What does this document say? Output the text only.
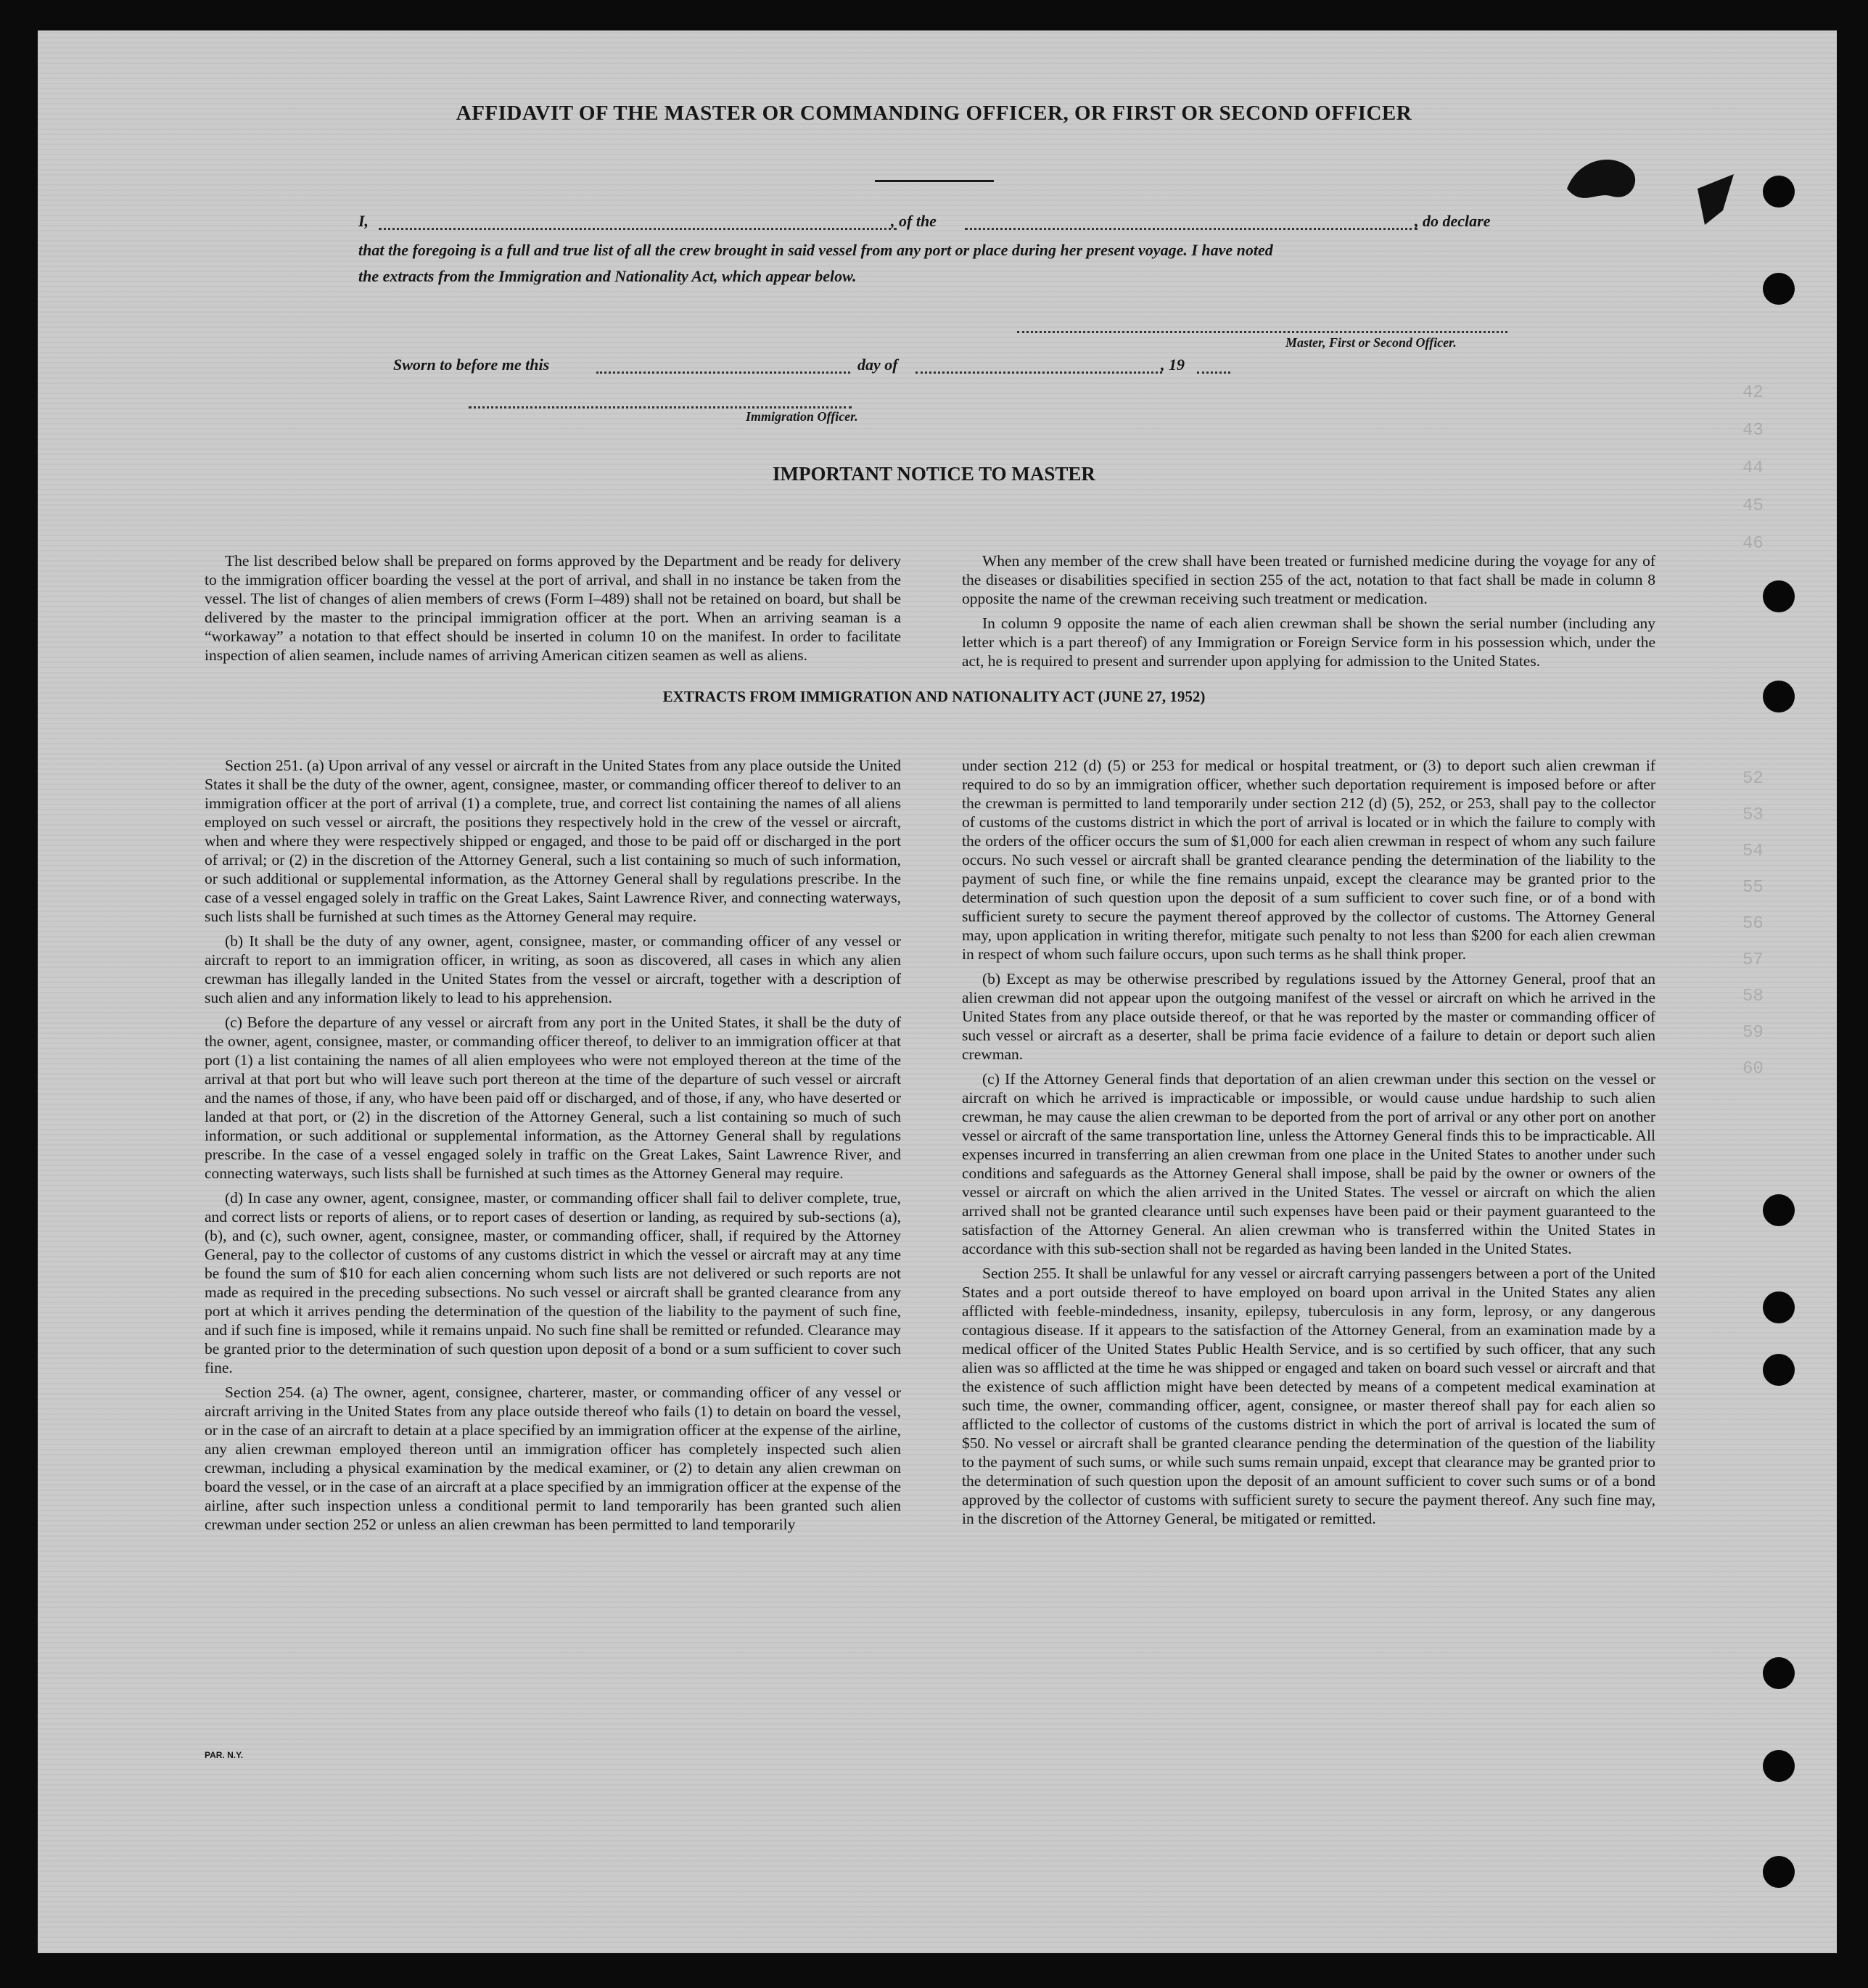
42
43
44
45
46
52
53
54
55
56
57
58
59
60
AFFIDAVIT OF THE MASTER OR COMMANDING OFFICER, OR FIRST OR SECOND OFFICER
I,	, of the	, do declare
that the foregoing is a full and true list of all the crew brought in said vessel from any port or place during her present voyage. I have noted
the extracts from the Immigration and Nationality Act, which appear below.
Master, First or Second Officer.
Sworn to before me this	day of	, 19
Immigration Officer.
IMPORTANT NOTICE TO MASTER

The list described below shall be prepared on forms approved by the Department and be ready for delivery to the immigration officer boarding the vessel at the port of arrival, and shall in no instance be taken from the vessel. The list of changes of alien members of crews (Form I–489) shall not be retained on board, but shall be delivered by the master to the principal immigration officer at the port. When an arriving seaman is a “workaway” a notation to that effect should be inserted in column 10 on the manifest. In order to facilitate inspection of alien seamen, include names of arriving American citizen seamen as well as aliens.

When any member of the crew shall have been treated or furnished medicine during the voyage for any of the diseases or disabilities specified in section 255 of the act, notation to that fact shall be made in column 8 opposite the name of the crewman receiving such treatment or medication.

In column 9 opposite the name of each alien crewman shall be shown the serial number (including any letter which is a part thereof) of any Immigration or Foreign Service form in his possession which, under the act, he is required to present and surrender upon applying for admission to the United States.

EXTRACTS FROM IMMIGRATION AND NATIONALITY ACT (JUNE 27, 1952)

Section 251. (a) Upon arrival of any vessel or aircraft in the United States from any place outside the United States it shall be the duty of the owner, agent, consignee, master, or commanding officer thereof to deliver to an immigration officer at the port of arrival (1) a complete, true, and correct list containing the names of all aliens employed on such vessel or aircraft, the positions they respectively hold in the crew of the vessel or aircraft, when and where they were respectively shipped or engaged, and those to be paid off or discharged in the port of arrival; or (2) in the discretion of the Attorney General, such a list containing so much of such information, or such additional or supplemental information, as the Attorney General shall by regulations prescribe. In the case of a vessel engaged solely in traffic on the Great Lakes, Saint Lawrence River, and connecting waterways, such lists shall be furnished at such times as the Attorney General may require.

(b) It shall be the duty of any owner, agent, consignee, master, or commanding officer of any vessel or aircraft to report to an immigration officer, in writing, as soon as discovered, all cases in which any alien crewman has illegally landed in the United States from the vessel or aircraft, together with a description of such alien and any information likely to lead to his apprehension.

(c) Before the departure of any vessel or aircraft from any port in the United States, it shall be the duty of the owner, agent, consignee, master, or commanding officer thereof, to deliver to an immigration officer at that port (1) a list containing the names of all alien employees who were not employed thereon at the time of the arrival at that port but who will leave such port thereon at the time of the departure of such vessel or aircraft and the names of those, if any, who have been paid off or discharged, and of those, if any, who have deserted or landed at that port, or (2) in the discretion of the Attorney General, such a list containing so much of such information, or such additional or supplemental information, as the Attorney General shall by regulations prescribe. In the case of a vessel engaged solely in traffic on the Great Lakes, Saint Lawrence River, and connecting waterways, such lists shall be furnished at such times as the Attorney General may require.

(d) In case any owner, agent, consignee, master, or commanding officer shall fail to deliver complete, true, and correct lists or reports of aliens, or to report cases of desertion or landing, as required by sub-sections (a), (b), and (c), such owner, agent, consignee, master, or commanding officer, shall, if required by the Attorney General, pay to the collector of customs of any customs district in which the vessel or aircraft may at any time be found the sum of $10 for each alien concerning whom such lists are not delivered or such reports are not made as required in the preceding subsections. No such vessel or aircraft shall be granted clearance from any port at which it arrives pending the determination of the question of the liability to the payment of such fine, and if such fine is imposed, while it remains unpaid. No such fine shall be remitted or refunded. Clearance may be granted prior to the determination of such question upon deposit of a bond or a sum sufficient to cover such fine.

Section 254. (a) The owner, agent, consignee, charterer, master, or commanding officer of any vessel or aircraft arriving in the United States from any place outside thereof who fails (1) to detain on board the vessel, or in the case of an aircraft to detain at a place specified by an immigration officer at the expense of the airline, any alien crewman employed thereon until an immigration officer has completely inspected such alien crewman, including a physical examination by the medical examiner, or (2) to detain any alien crewman on board the vessel, or in the case of an aircraft at a place specified by an immigration officer at the expense of the airline, after such inspection unless a conditional permit to land temporarily has been granted such alien crewman under section 252 or unless an alien crewman has been permitted to land temporarily

under section 212 (d) (5) or 253 for medical or hospital treatment, or (3) to deport such alien crewman if required to do so by an immigration officer, whether such deportation requirement is imposed before or after the crewman is permitted to land temporarily under section 212 (d) (5), 252, or 253, shall pay to the collector of customs of the customs district in which the port of arrival is located or in which the failure to comply with the orders of the officer occurs the sum of $1,000 for each alien crewman in respect of whom any such failure occurs. No such vessel or aircraft shall be granted clearance pending the determination of the liability to the payment of such fine, or while the fine remains unpaid, except the clearance may be granted prior to the determination of such question upon the deposit of a sum sufficient to cover such fine, or of a bond with sufficient surety to secure the payment thereof approved by the collector of customs. The Attorney General may, upon application in writing therefor, mitigate such penalty to not less than $200 for each alien crewman in respect of whom such failure occurs, upon such terms as he shall think proper.

(b) Except as may be otherwise prescribed by regulations issued by the Attorney General, proof that an alien crewman did not appear upon the outgoing manifest of the vessel or aircraft on which he arrived in the United States from any place outside thereof, or that he was reported by the master or commanding officer of such vessel or aircraft as a deserter, shall be prima facie evidence of a failure to detain or deport such alien crewman.

(c) If the Attorney General finds that deportation of an alien crewman under this section on the vessel or aircraft on which he arrived is impracticable or impossible, or would cause undue hardship to such alien crewman, he may cause the alien crewman to be deported from the port of arrival or any other port on another vessel or aircraft of the same transportation line, unless the Attorney General finds this to be impracticable. All expenses incurred in transferring an alien crewman from one place in the United States to another under such conditions and safeguards as the Attorney General shall impose, shall be paid by the owner or owners of the vessel or aircraft on which the alien arrived in the United States. The vessel or aircraft on which the alien arrived shall not be granted clearance until such expenses have been paid or their payment guaranteed to the satisfaction of the Attorney General. An alien crewman who is transferred within the United States in accordance with this sub-section shall not be regarded as having been landed in the United States.

Section 255. It shall be unlawful for any vessel or aircraft carrying passengers between a port of the United States and a port outside thereof to have employed on board upon arrival in the United States any alien afflicted with feeble-mindedness, insanity, epilepsy, tuberculosis in any form, leprosy, or any dangerous contagious disease. If it appears to the satisfaction of the Attorney General, from an examination made by a medical officer of the United States Public Health Service, and is so certified by such officer, that any such alien was so afflicted at the time he was shipped or engaged and taken on board such vessel or aircraft and that the existence of such affliction might have been detected by means of a competent medical examination at such time, the owner, commanding officer, agent, consignee, or master thereof shall pay for each alien so afflicted to the collector of customs of the customs district in which the port of arrival is located the sum of $50. No vessel or aircraft shall be granted clearance pending the determination of the question of the liability to the payment of such sums, or while such sums remain unpaid, except that clearance may be granted prior to the determination of such question upon the deposit of an amount sufficient to cover such sums or of a bond approved by the collector of customs with sufficient surety to secure the payment thereof. Any such fine may, in the discretion of the Attorney General, be mitigated or remitted.

PAR. N.Y.
